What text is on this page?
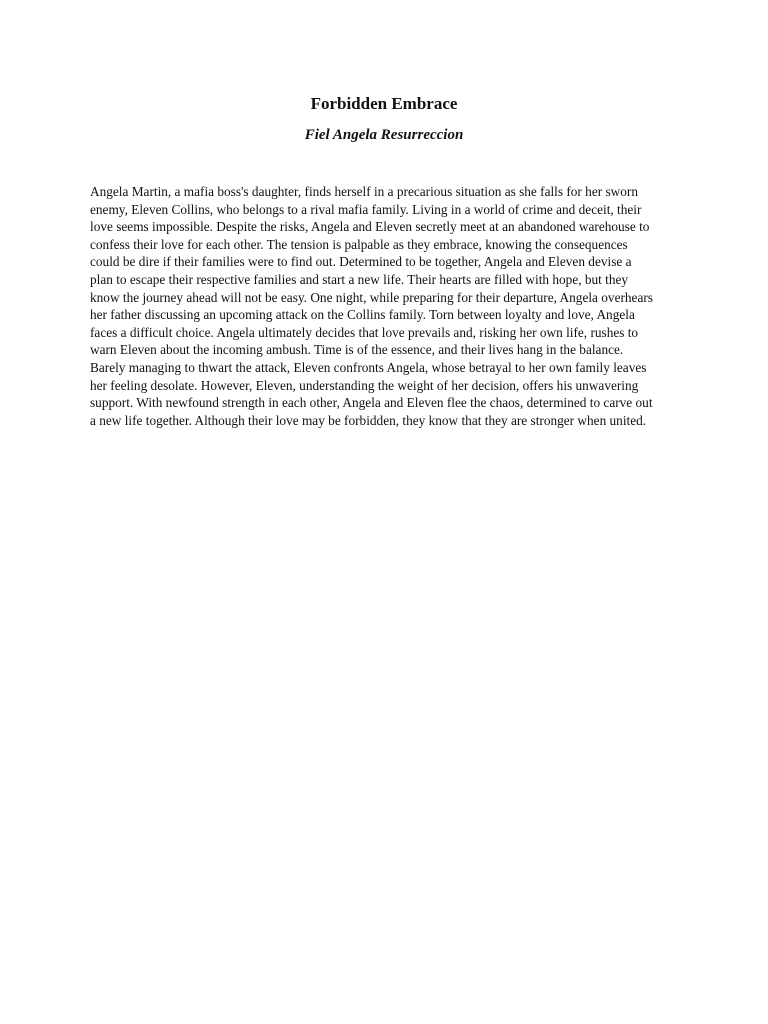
Forbidden Embrace
Fiel Angela Resurreccion

Angela Martin, a mafia boss's daughter, finds herself in a precarious situation as she falls for her sworn
enemy, Eleven Collins, who belongs to a rival mafia family. Living in a world of crime and deceit, their
love seems impossible. Despite the risks, Angela and Eleven secretly meet at an abandoned warehouse to
confess their love for each other. The tension is palpable as they embrace, knowing the consequences
could be dire if their families were to find out. Determined to be together, Angela and Eleven devise a
plan to escape their respective families and start a new life. Their hearts are filled with hope, but they
know the journey ahead will not be easy. One night, while preparing for their departure, Angela overhears
her father discussing an upcoming attack on the Collins family. Torn between loyalty and love, Angela
faces a difficult choice. Angela ultimately decides that love prevails and, risking her own life, rushes to
warn Eleven about the incoming ambush. Time is of the essence, and their lives hang in the balance.
Barely managing to thwart the attack, Eleven confronts Angela, whose betrayal to her own family leaves
her feeling desolate. However, Eleven, understanding the weight of her decision, offers his unwavering
support. With newfound strength in each other, Angela and Eleven flee the chaos, determined to carve out
a new life together. Although their love may be forbidden, they know that they are stronger when united.
